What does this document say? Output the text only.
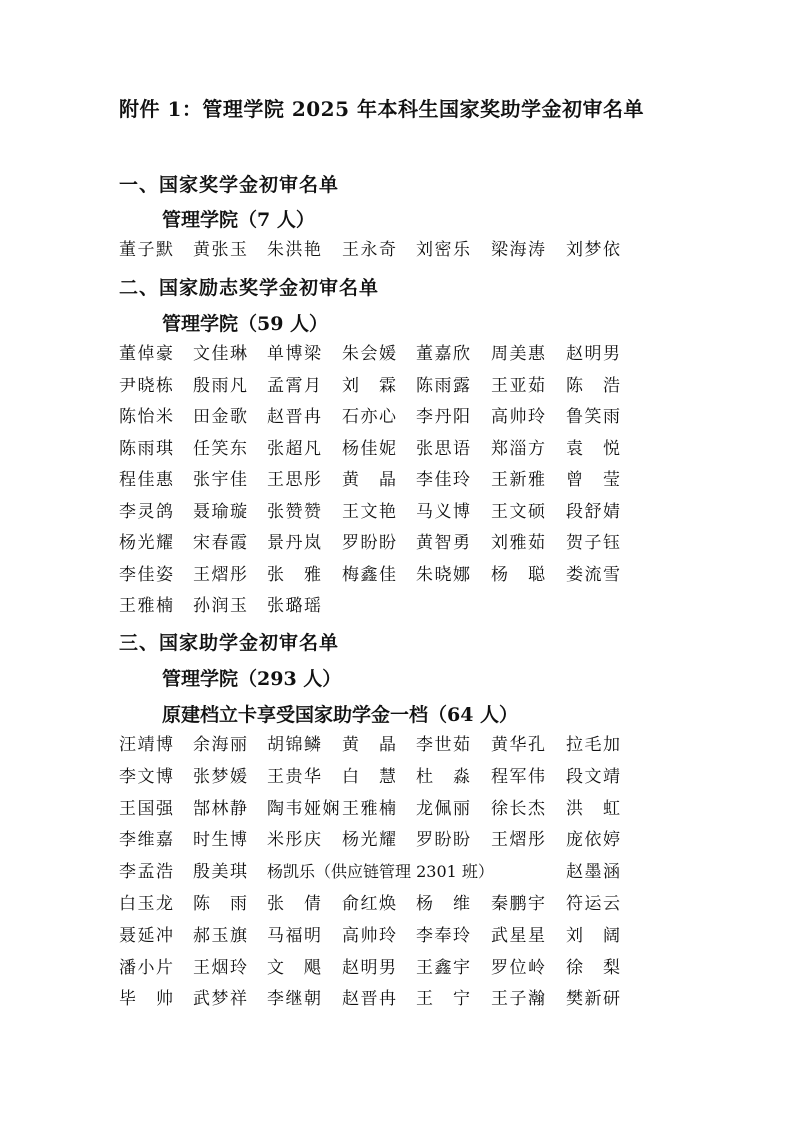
附件 1：管理学院 2025 年本科生国家奖助学金初审名单
一、国家奖学金初审名单
管理学院（7 人）
董子默	黄张玉	朱洪艳	王永奇	刘密乐	梁海涛	刘梦依
二、国家励志奖学金初审名单
管理学院（59 人）
董倬豪	文佳琳	单博梁	朱会媛	董嘉欣	周美惠	赵明男
尹晓栋	殷雨凡	孟霄月	刘　霖	陈雨露	王亚茹	陈　浩
陈怡米	田金歌	赵晋冉	石亦心	李丹阳	高帅玲	鲁笑雨
陈雨琪	任笑东	张超凡	杨佳妮	张思语	郑淄方	袁　悦
程佳惠	张宇佳	王思彤	黄　晶	李佳玲	王新雅	曾　莹
李灵鸽	聂瑜璇	张赞赞	王文艳	马义博	王文硕	段舒婧
杨光耀	宋春霞	景丹岚	罗盼盼	黄智勇	刘雅茹	贺子钰
李佳姿	王熠彤	张　雅	梅鑫佳	朱晓娜	杨　聪	娄流雪
王雅楠	孙润玉	张璐瑶
三、国家助学金初审名单
管理学院（293 人）
原建档立卡享受国家助学金一档（64 人）
汪靖博	余海丽	胡锦鳞	黄　晶	李世茹	黄华孔	拉毛加
李文博	张梦媛	王贵华	白　慧	杜　淼	程军伟	段文靖
王国强	郜林静	陶韦娅娴 王雅楠	龙佩丽	徐长杰	洪　虹
李维嘉	时生博	米彤庆	杨光耀	罗盼盼	王熠彤	庞依婷
李孟浩	殷美琪	杨凯乐（供应链管理 2301 班）	赵墨涵
白玉龙	陈　雨	张　倩	俞红焕	杨　维	秦鹏宇	符运云
聂延冲	郝玉旗	马福明	高帅玲	李奉玲	武星星	刘　阔
潘小片	王烟玲	文　飓	赵明男	王鑫宇	罗位岭	徐　梨
毕　帅	武梦祥	李继朝	赵晋冉	王　宁	王子瀚	樊新研
